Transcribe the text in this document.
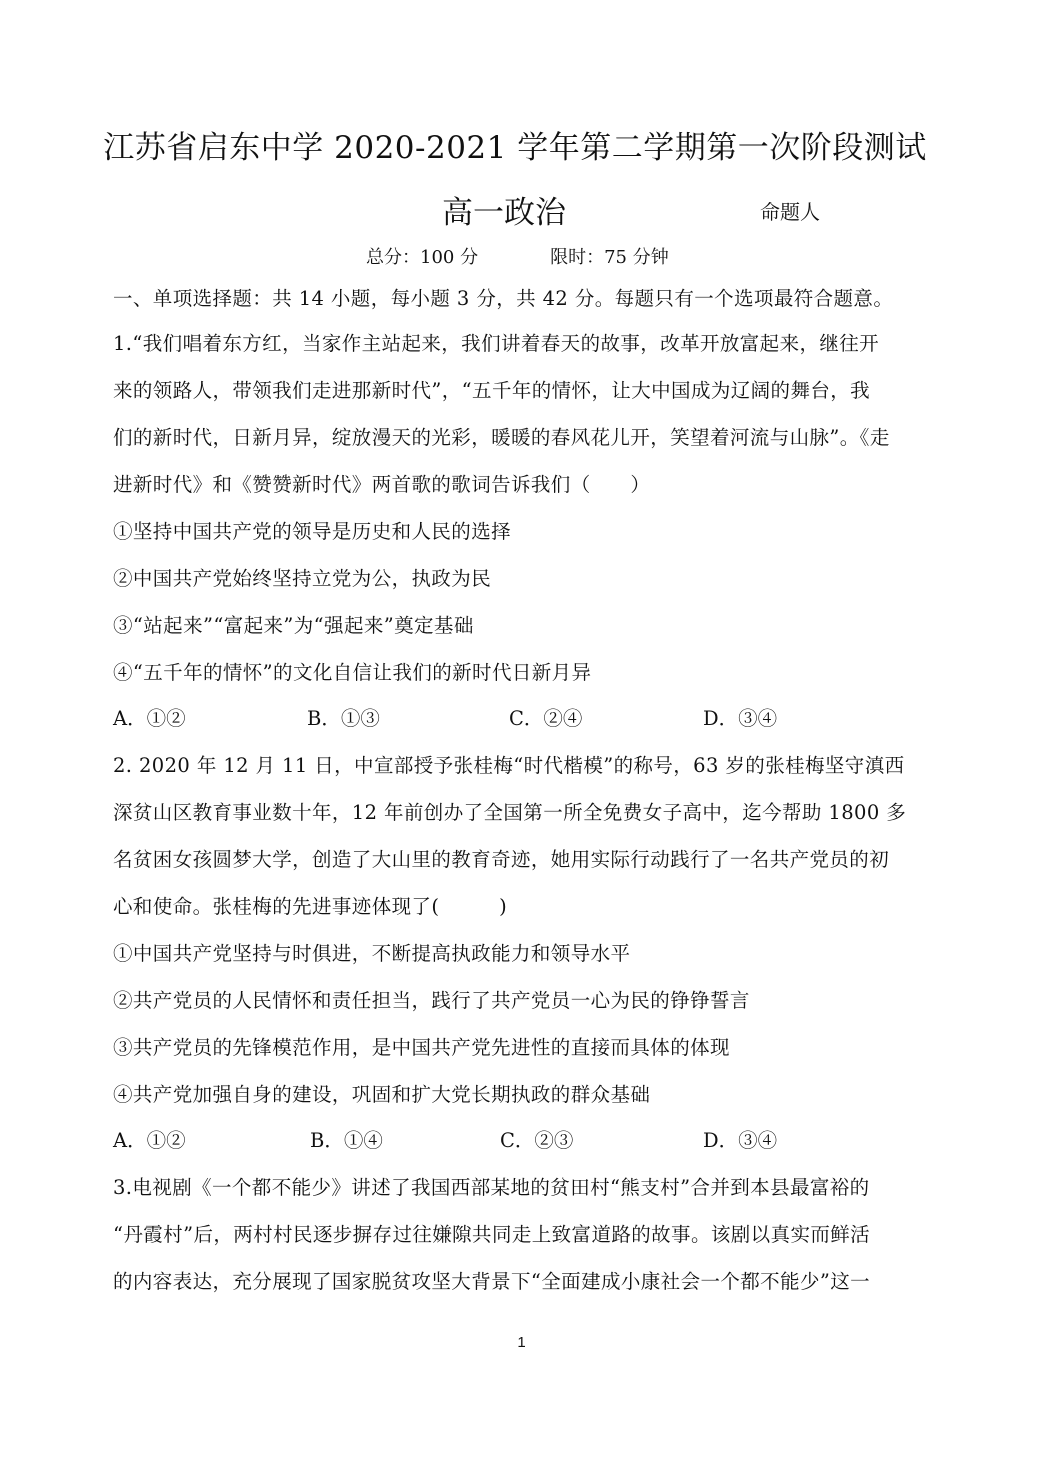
江苏省启东中学 2020-2021 学年第二学期第一次阶段测试
高一政治	命题人
总分：100 分	限时：75 分钟
一、单项选择题：共 14 小题，每小题 3 分，共 42 分。每题只有一个选项最符合题意。
1.“我们唱着东方红，当家作主站起来，我们讲着春天的故事，改革开放富起来，继往开
来的领路人，带领我们走进那新时代”，“五千年的情怀，让大中国成为辽阔的舞台，我
们的新时代，日新月异，绽放漫天的光彩，暖暖的春风花儿开，笑望着河流与山脉”。《走
进新时代》和《赞赞新时代》两首歌的歌词告诉我们（　　）
①坚持中国共产党的领导是历史和人民的选择
②中国共产党始终坚持立党为公，执政为民
③“站起来”“富起来”为“强起来”奠定基础
④“五千年的情怀”的文化自信让我们的新时代日新月异
A．①②	B．①③	C．②④	D．③④
2. 2020 年 12 月 11 日，中宣部授予张桂梅“时代楷模”的称号，63 岁的张桂梅坚守滇西
深贫山区教育事业数十年，12 年前创办了全国第一所全免费女子高中，迄今帮助 1800 多
名贫困女孩圆梦大学，创造了大山里的教育奇迹，她用实际行动践行了一名共产党员的初
心和使命。张桂梅的先进事迹体现了(　　　)
①中国共产党坚持与时俱进，不断提高执政能力和领导水平
②共产党员的人民情怀和责任担当，践行了共产党员一心为民的铮铮誓言
③共产党员的先锋模范作用，是中国共产党先进性的直接而具体的体现
④共产党加强自身的建设，巩固和扩大党长期执政的群众基础
A．①②	B．①④	C．②③	D．③④
3.电视剧《一个都不能少》讲述了我国西部某地的贫田村“熊支村”合并到本县最富裕的
“丹霞村”后，两村村民逐步摒存过往嫌隙共同走上致富道路的故事。该剧以真实而鲜活
的内容表达，充分展现了国家脱贫攻坚大背景下“全面建成小康社会一个都不能少”这一
1
